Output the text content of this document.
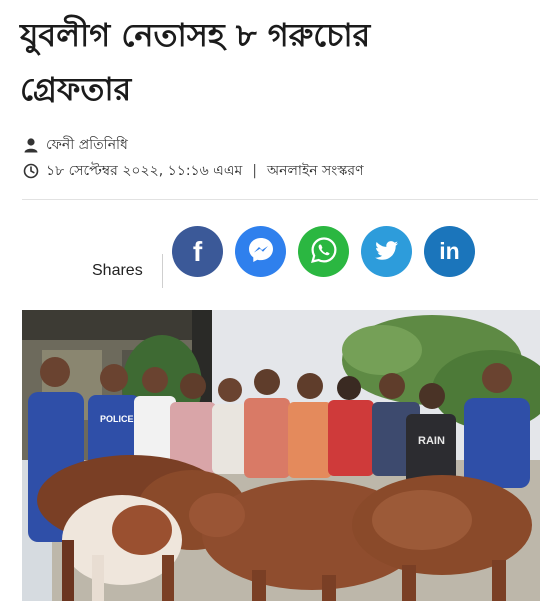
যুবলীগ নেতাসহ ৮ গরুচোর
গ্রেফতার
ফেনী প্রতিনিধি
১৮ সেপ্টেম্বর ২০২২, ১১:১৬ এএম | অনলাইন সংস্করণ
Shares
f	in
POLICE
RAIN
